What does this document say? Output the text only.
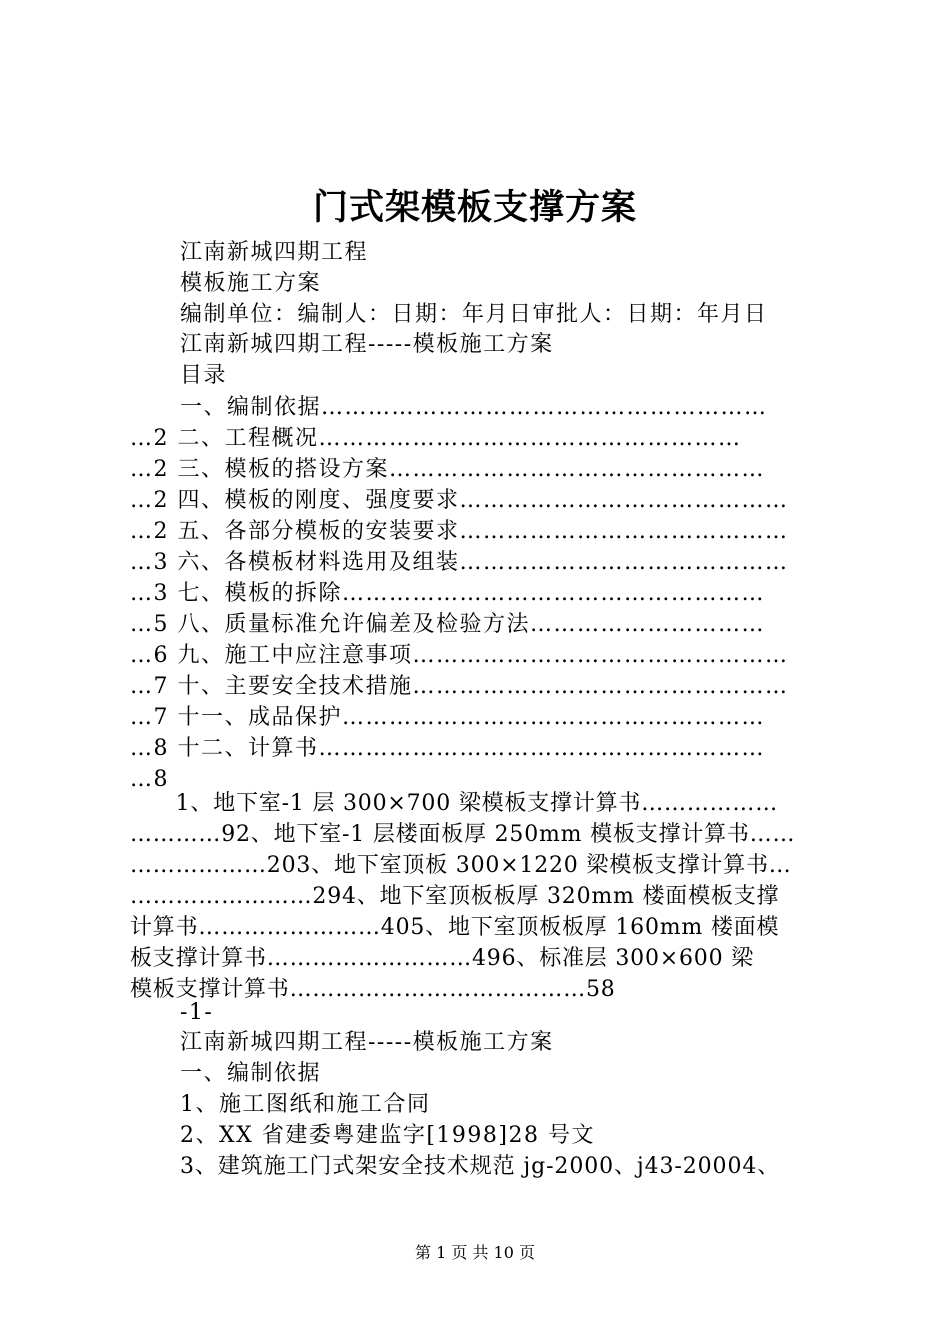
门式架模板支撑方案
江南新城四期工程
模板施工方案
编制单位：编制人：日期：年月日审批人：日期：年月日
江南新城四期工程-----模板施工方案
目录
一、编制依据…………………………………………………
…2 二、工程概况………………………………………………
…2 三、模板的搭设方案…………………………………………
…2 四、模板的刚度、强度要求……………………………………
…2 五、各部分模板的安装要求……………………………………
…3 六、各模板材料选用及组装……………………………………
…3 七、模板的拆除………………………………………………
…5 八、质量标准允许偏差及检验方法…………………………
…6 九、施工中应注意事项…………………………………………
…7 十、主要安全技术措施…………………………………………
…7 十一、成品保护………………………………………………
…8 十二、计算书…………………………………………………
…8
　　1、地下室-1 层 300×700 梁模板支撑计算书………………
…………92、地下室-1 层楼面板厚 250mm 模板支撑计算书……
………………203、地下室顶板 300×1220 梁模板支撑计算书…
……………………294、地下室顶板板厚 320mm 楼面模板支撑
计算书……………………405、地下室顶板板厚 160mm 楼面模
板支撑计算书………………………496、标准层 300×600 梁
模板支撑计算书…………………………………58
-1-
江南新城四期工程-----模板施工方案
一、编制依据
1、施工图纸和施工合同
2、XX 省建委粤建监字[1998]28 号文
3、建筑施工门式架安全技术规范 jg-2000、j43-20004、
第 1 页 共 10 页
